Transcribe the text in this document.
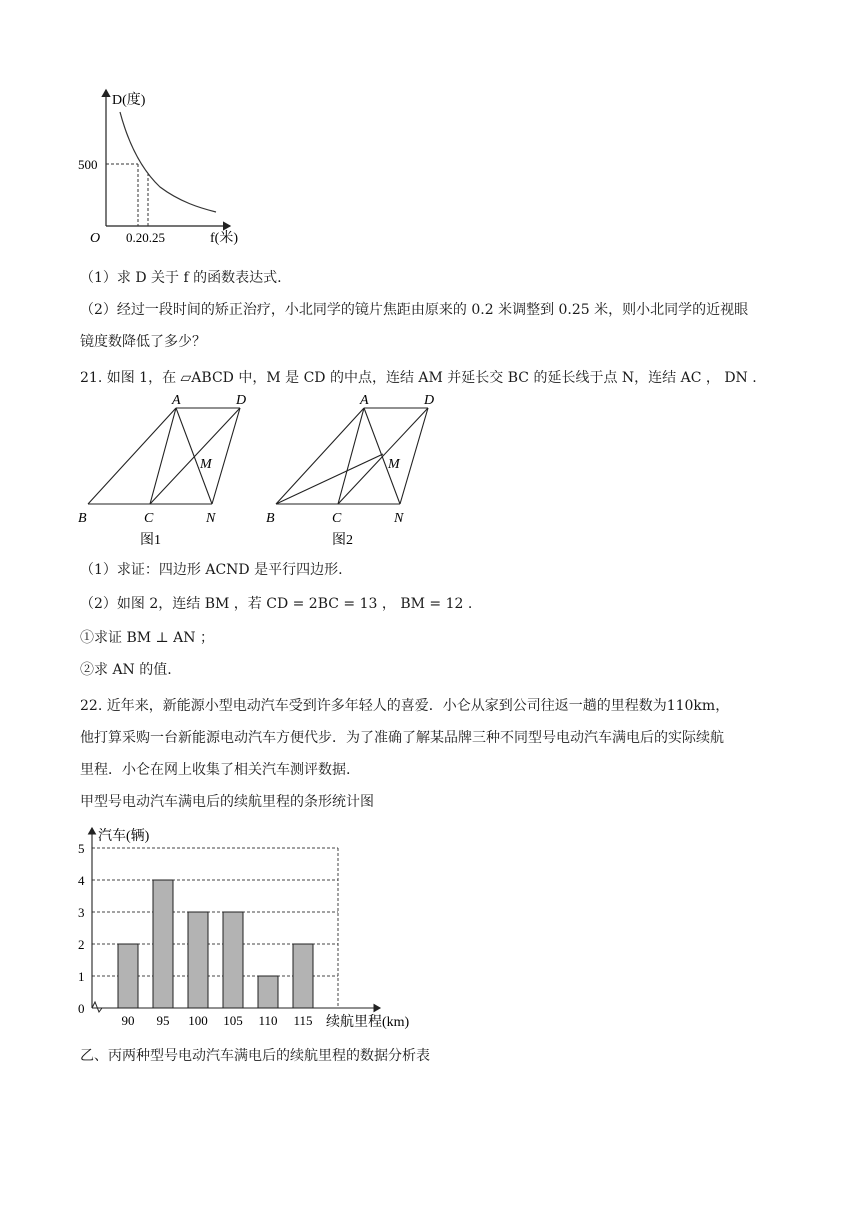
D(度)
f(米)
O
500
0.20.25
（1）求 D 关于 f 的函数表达式.
（2）经过一段时间的矫正治疗，小北同学的镜片焦距由原来的 0.2 米调整到 0.25 米，则小北同学的近视眼
镜度数降低了多少？
21. 如图 1，在 ▱ABCD 中，M 是 CD 的中点，连结 AM 并延长交 BC 的延长线于点 N，连结 AC ， DN .
A	D
M
B	C	N
图1
A	D
M
B	C	N
图2
（1）求证：四边形 ACND 是平行四边形.
（2）如图 2，连结 BM ，若 CD = 2BC = 13 ， BM = 12 .
①求证 BM ⊥ AN ；
②求 AN 的值.
22. 近年来，新能源小型电动汽车受到许多年轻人的喜爱．小仑从家到公司往返一趟的里程数为110km，
他打算采购一台新能源电动汽车方便代步．为了准确了解某品牌三种不同型号电动汽车满电后的实际续航
里程．小仑在网上收集了相关汽车测评数据.
甲型号电动汽车满电后的续航里程的条形统计图
0
1
2
3
4
5
90 95 100 105 110 115
汽车(辆)
续航里程(km)
乙、丙两种型号电动汽车满电后的续航里程的数据分析表
